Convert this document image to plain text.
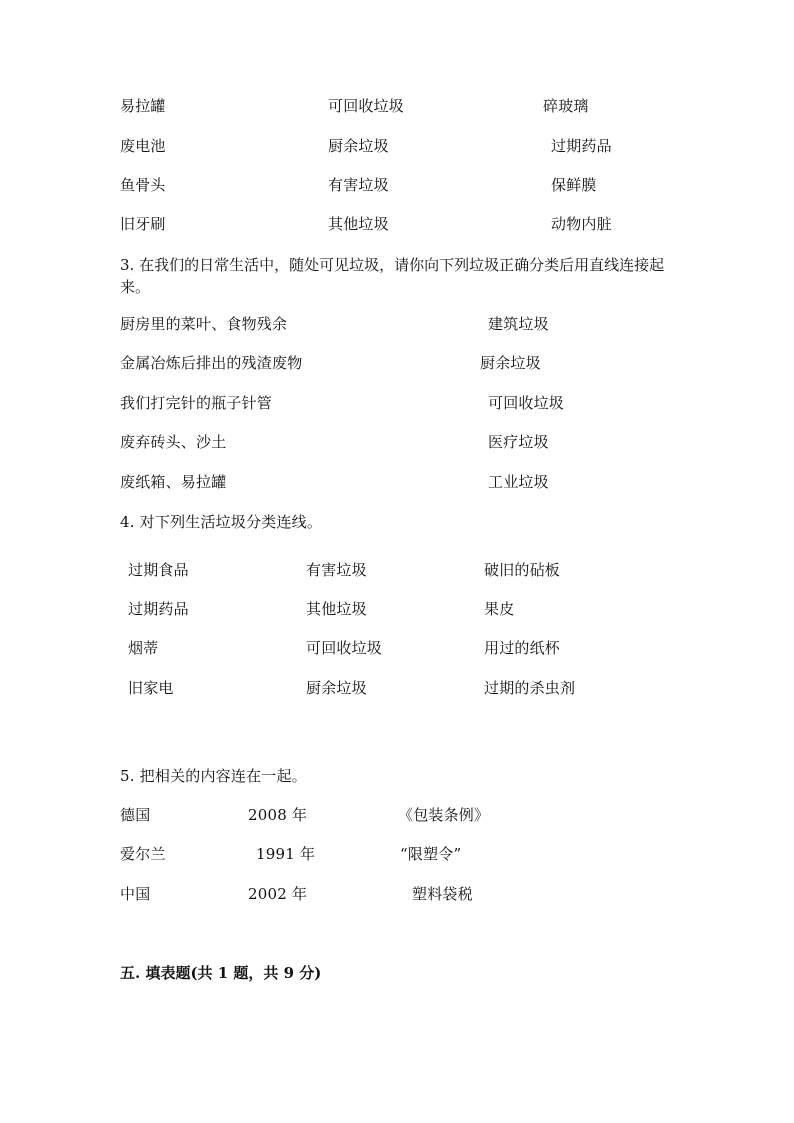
易拉罐	可回收垃圾	碎玻璃
废电池	厨余垃圾	过期药品
鱼骨头	有害垃圾	保鲜膜
旧牙刷	其他垃圾	动物内脏
3. 在我们的日常生活中，随处可见垃圾，请你向下列垃圾正确分类后用直线连接起来。
厨房里的菜叶、食物残余	建筑垃圾
金属冶炼后排出的残渣废物	厨余垃圾
我们打完针的瓶子针管	可回收垃圾
废弃砖头、沙土	医疗垃圾
废纸箱、易拉罐	工业垃圾
4. 对下列生活垃圾分类连线。
过期食品	有害垃圾	破旧的砧板
过期药品	其他垃圾	果皮
烟蒂	可回收垃圾	用过的纸杯
旧家电	厨余垃圾	过期的杀虫剂
5. 把相关的内容连在一起。
德国	2008 年	《包装条例》
爱尔兰	1991 年	“限塑令”
中国	2002 年	塑料袋税
五. 填表题(共 1 题，共 9 分)
